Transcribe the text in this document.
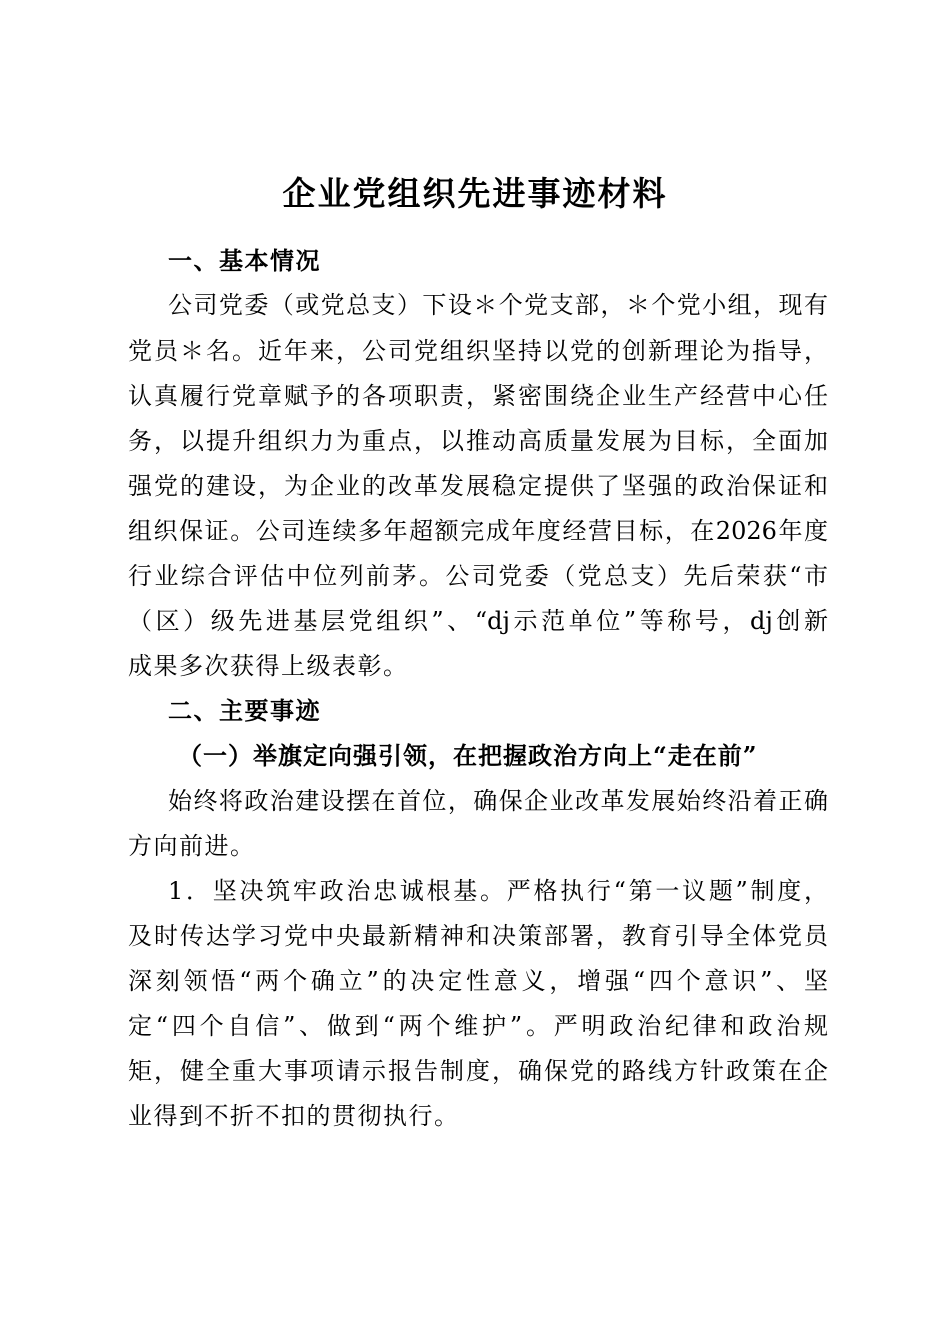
企业党组织先进事迹材料
一、基本情况
公司党委（或党总支）下设＊个党支部，＊个党小组，现有
党员＊名。近年来，公司党组织坚持以党的创新理论为指导，
认真履行党章赋予的各项职责，紧密围绕企业生产经营中心任
务，以提升组织力为重点，以推动高质量发展为目标，全面加
强党的建设，为企业的改革发展稳定提供了坚强的政治保证和
组织保证。公司连续多年超额完成年度经营目标，在2026年度
行业综合评估中位列前茅。公司党委（党总支）先后荣获“市
（区）级先进基层党组织”、“dj示范单位”等称号，dj创新
成果多次获得上级表彰。
二、主要事迹
（一）举旗定向强引领，在把握政治方向上“走在前”
始终将政治建设摆在首位，确保企业改革发展始终沿着正确
方向前进。
1．坚决筑牢政治忠诚根基。严格执行“第一议题”制度，
及时传达学习党中央最新精神和决策部署，教育引导全体党员
深刻领悟“两个确立”的决定性意义，增强“四个意识”、坚
定“四个自信”、做到“两个维护”。严明政治纪律和政治规
矩，健全重大事项请示报告制度，确保党的路线方针政策在企
业得到不折不扣的贯彻执行。
